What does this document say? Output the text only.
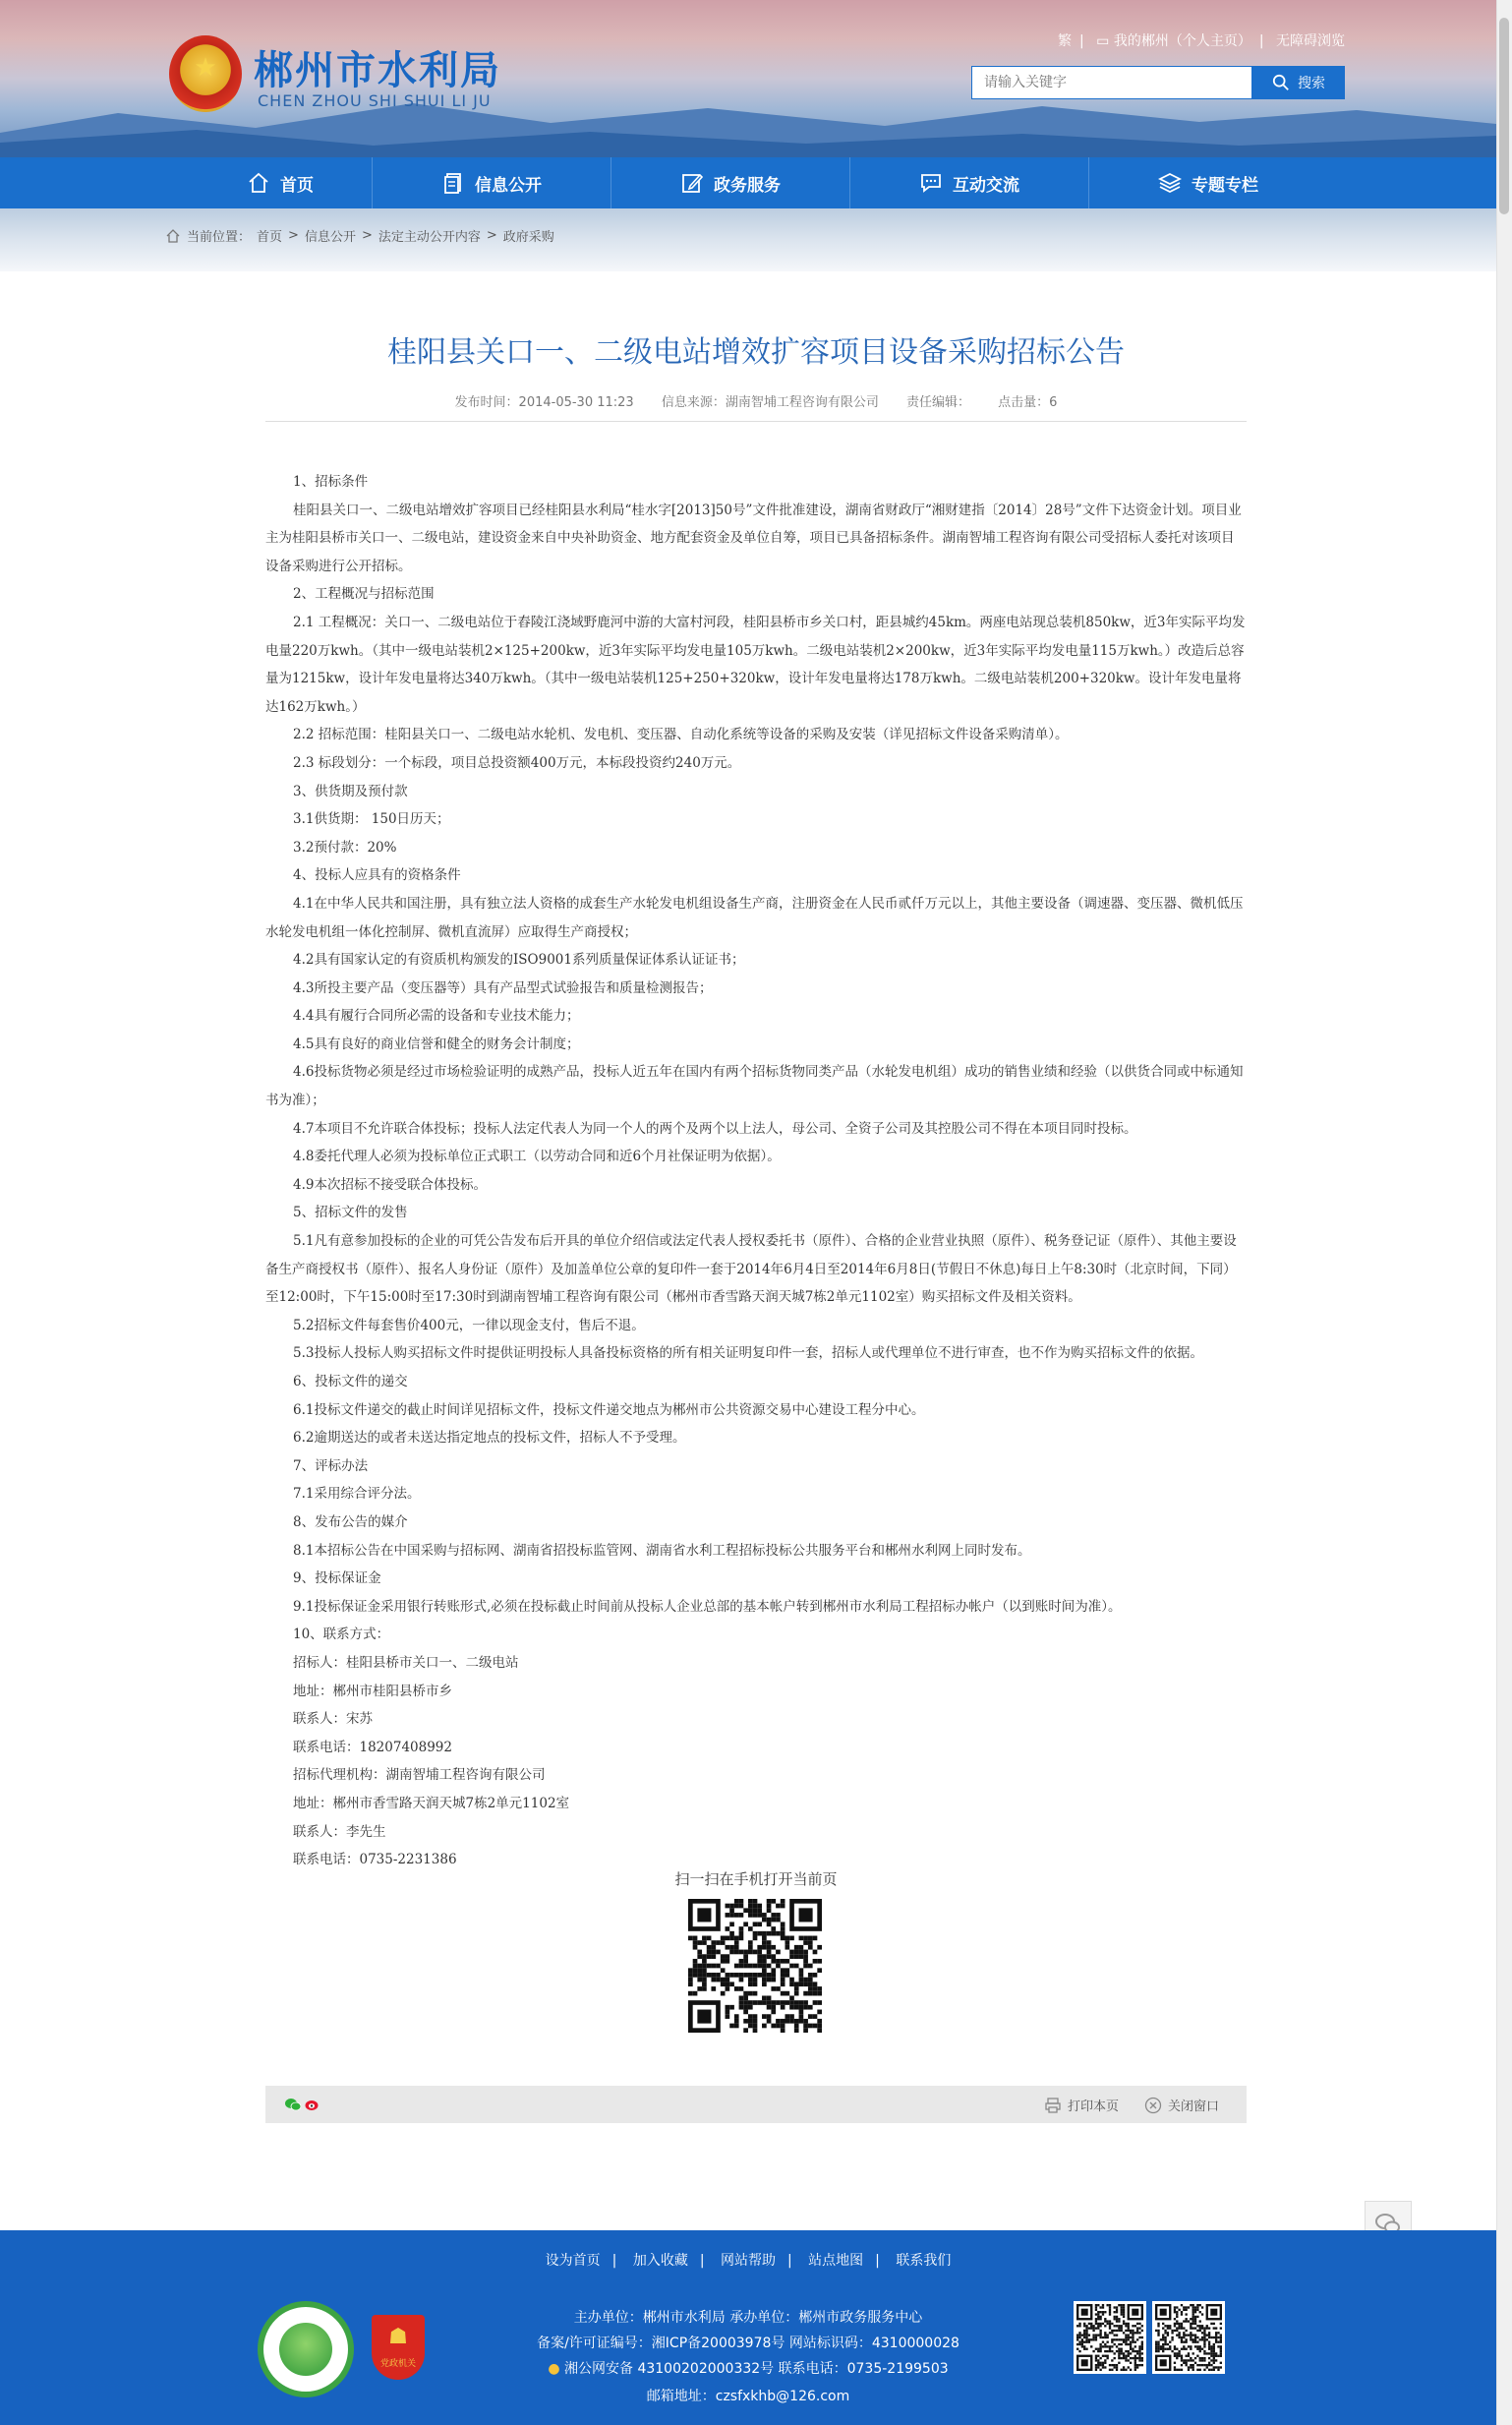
★ 郴州市水利局
CHEN ZHOU SHI SHUI LI JU
繁 | ▭ 我的郴州（个人主页） | 无障碍浏览
请输入关键字
搜索
首页	信息公开	政务服务	互动交流	专题专栏
当前位置： 首页 > 信息公开 > 法定主动公开内容 > 政府采购
桂阳县关口一、二级电站增效扩容项目设备采购招标公告
发布时间：2014-05-30 11:23 信息来源：湖南智埔工程咨询有限公司 责任编辑： 点击量：6

1、招标条件

桂阳县关口一、二级电站增效扩容项目已经桂阳县水利局“桂水字[2013]50号”文件批准建设，湖南省财政厅“湘财建指〔2014〕28号”文件下达资金计划。项目业主为桂阳县桥市关口一、二级电站，建设资金来自中央补助资金、地方配套资金及单位自筹，项目已具备招标条件。湖南智埔工程咨询有限公司受招标人委托对该项目设备采购进行公开招标。

2、工程概况与招标范围

2.1 工程概况：关口一、二级电站位于舂陵江浇域野鹿河中游的大富村河段，桂阳县桥市乡关口村，距县城约45km。两座电站现总装机850kw，近3年实际平均发电量220万kwh。（其中一级电站装机2×125+200kw，近3年实际平均发电量105万kwh。二级电站装机2×200kw，近3年实际平均发电量115万kwh。）改造后总容量为1215kw，设计年发电量将达340万kwh。（其中一级电站装机125+250+320kw，设计年发电量将达178万kwh。二级电站装机200+320kw。设计年发电量将达162万kwh。）

2.2 招标范围：桂阳县关口一、二级电站水轮机、发电机、变压器、自动化系统等设备的采购及安装（详见招标文件设备采购清单）。

2.3 标段划分：一个标段，项目总投资额400万元，本标段投资约240万元。

3、供货期及预付款

3.1供货期： 150日历天；

3.2预付款：20%

4、投标人应具有的资格条件

4.1在中华人民共和国注册，具有独立法人资格的成套生产水轮发电机组设备生产商，注册资金在人民币贰仟万元以上，其他主要设备（调速器、变压器、微机低压水轮发电机组一体化控制屏、微机直流屏）应取得生产商授权；

4.2具有国家认定的有资质机构颁发的ISO9001系列质量保证体系认证证书；

4.3所投主要产品（变压器等）具有产品型式试验报告和质量检测报告；

4.4具有履行合同所必需的设备和专业技术能力；

4.5具有良好的商业信誉和健全的财务会计制度；

4.6投标货物必须是经过市场检验证明的成熟产品，投标人近五年在国内有两个招标货物同类产品（水轮发电机组）成功的销售业绩和经验（以供货合同或中标通知书为准）；

4.7本项目不允许联合体投标；投标人法定代表人为同一个人的两个及两个以上法人，母公司、全资子公司及其控股公司不得在本项目同时投标。

4.8委托代理人必须为投标单位正式职工（以劳动合同和近6个月社保证明为依据）。

4.9本次招标不接受联合体投标。

5、招标文件的发售

5.1凡有意参加投标的企业的可凭公告发布后开具的单位介绍信或法定代表人授权委托书（原件）、合格的企业营业执照（原件）、税务登记证（原件）、其他主要设备生产商授权书（原件）、报名人身份证（原件）及加盖单位公章的复印件一套于2014年6月4日至2014年6月8日(节假日不休息)每日上午8:30时（北京时间，下同）至12:00时，下午15:00时至17:30时到湖南智埔工程咨询有限公司（郴州市香雪路天润天城7栋2单元1102室）购买招标文件及相关资料。

5.2招标文件每套售价400元，一律以现金支付，售后不退。

5.3投标人投标人购买招标文件时提供证明投标人具备投标资格的所有相关证明复印件一套，招标人或代理单位不进行审查，也不作为购买招标文件的依据。

6、投标文件的递交

6.1投标文件递交的截止时间详见招标文件，投标文件递交地点为郴州市公共资源交易中心建设工程分中心。

6.2逾期送达的或者未送达指定地点的投标文件，招标人不予受理。

7、评标办法

7.1采用综合评分法。

8、发布公告的媒介

8.1本招标公告在中国采购与招标网、湖南省招投标监管网、湖南省水利工程招标投标公共服务平台和郴州水利网上同时发布。

9、投标保证金

9.1投标保证金采用银行转账形式,必须在投标截止时间前从投标人企业总部的基本帐户转到郴州市水利局工程招标办帐户（以到账时间为准）。

10、联系方式：

招标人：桂阳县桥市关口一、二级电站

地址：郴州市桂阳县桥市乡

联系人：宋苏

联系电话：18207408992

招标代理机构：湖南智埔工程咨询有限公司

地址：郴州市香雪路天润天城7栋2单元1102室

联系人：李先生

联系电话：0735-2231386

扫一扫在手机打开当前页
打印本页	关闭窗口
设为首页 | 加入收藏 | 网站帮助 | 站点地图 | 联系我们
☗
党政机关
主办单位：郴州市水利局 承办单位：郴州市政务服务中心
备案/许可证编号：湘ICP备20003978号 网站标识码：4310000028
● 湘公网安备 43100202000332号 联系电话：0735-2199503
邮箱地址：czsfxkhb@126.com
